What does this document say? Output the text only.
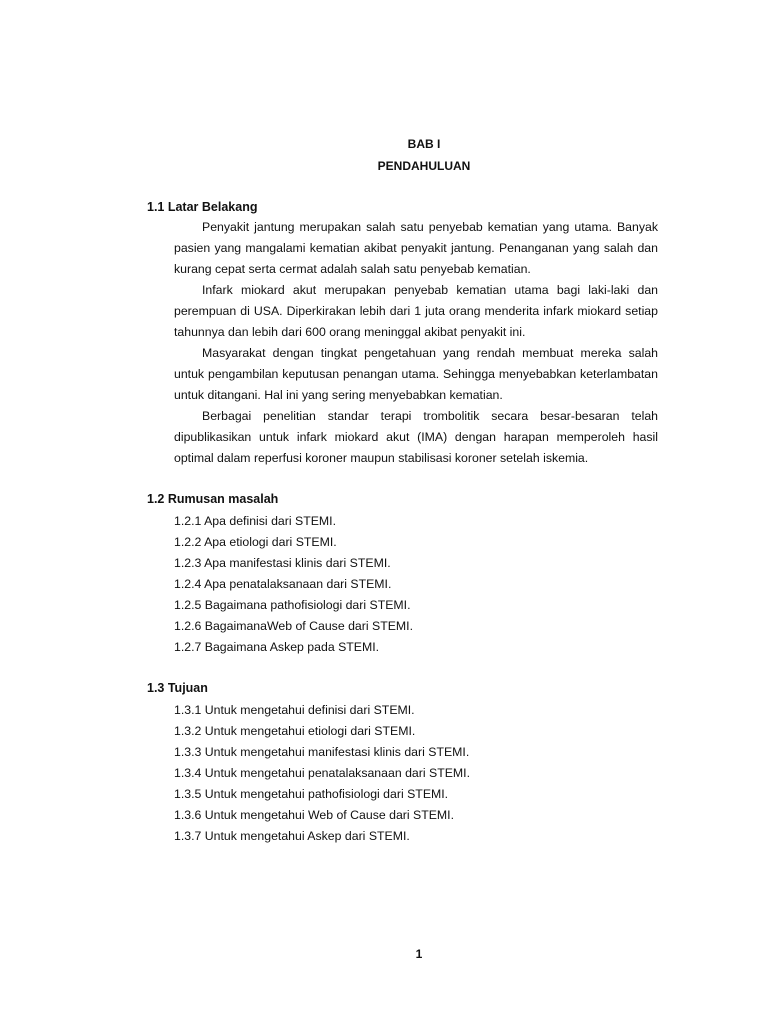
BAB I
PENDAHULUAN
1.1 Latar Belakang
Penyakit jantung merupakan salah satu penyebab kematian yang utama. Banyak pasien yang mangalami kematian akibat penyakit jantung. Penanganan yang salah dan kurang cepat serta cermat adalah salah satu penyebab kematian.
Infark miokard akut merupakan penyebab kematian utama bagi laki-laki dan perempuan di USA. Diperkirakan lebih dari 1 juta orang menderita infark miokard setiap tahunnya dan lebih dari 600 orang meninggal akibat penyakit ini.
Masyarakat dengan tingkat pengetahuan yang rendah membuat mereka salah untuk pengambilan keputusan penangan utama. Sehingga menyebabkan keterlambatan untuk ditangani. Hal ini yang sering menyebabkan kematian.
Berbagai penelitian standar terapi trombolitik secara besar-besaran telah dipublikasikan untuk infark miokard akut (IMA) dengan harapan memperoleh hasil optimal dalam reperfusi koroner maupun stabilisasi koroner setelah iskemia.
1.2 Rumusan masalah
1.2.1 Apa definisi dari STEMI.
1.2.2 Apa etiologi dari STEMI.
1.2.3 Apa manifestasi klinis dari STEMI.
1.2.4 Apa penatalaksanaan dari STEMI.
1.2.5 Bagaimana pathofisiologi dari STEMI.
1.2.6 BagaimanaWeb of Cause dari STEMI.
1.2.7 Bagaimana Askep pada STEMI.
1.3 Tujuan
1.3.1 Untuk mengetahui definisi dari STEMI.
1.3.2 Untuk mengetahui etiologi dari STEMI.
1.3.3 Untuk mengetahui manifestasi klinis dari STEMI.
1.3.4 Untuk mengetahui penatalaksanaan dari STEMI.
1.3.5 Untuk mengetahui pathofisiologi dari STEMI.
1.3.6 Untuk mengetahui Web of Cause dari STEMI.
1.3.7 Untuk mengetahui Askep dari STEMI.
1
